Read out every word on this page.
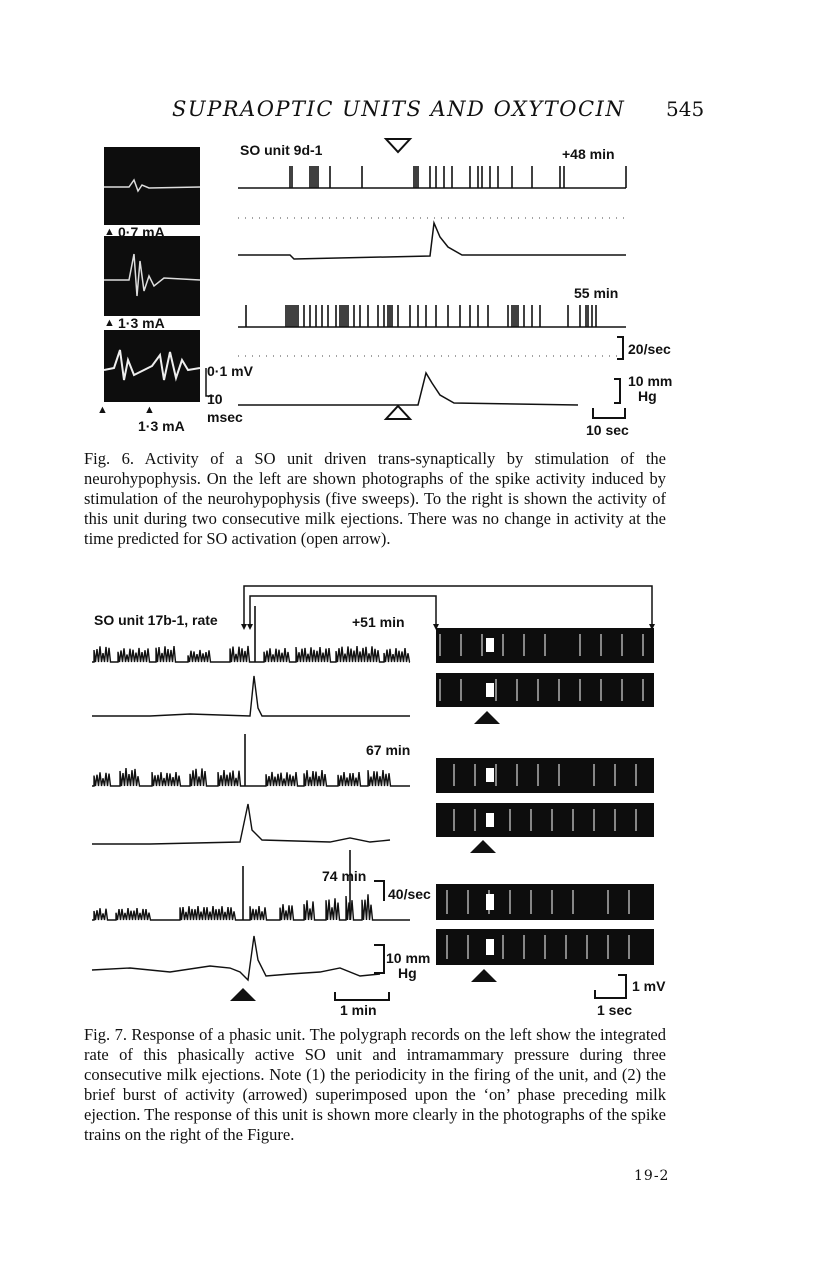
SUPRAOPTIC UNITS AND OXYTOCIN 545
▲ 0·7 mA
▲ 1·3 mA
▲	▲
1·3 mA
0·1 mV
10
msec
SO unit 9d-1	+48 min
55 min
20/sec
10 mm
Hg
10 sec
Fig. 6. Activity of a SO unit driven trans-synaptically by stimulation of the neurohypophysis. On the left are shown photographs of the spike activity induced by stimulation of the neurohypophysis (five sweeps). To the right is shown the activity of this unit during two consecutive milk ejections. There was no change in activity at the time predicted for SO activation (open arrow).
SO unit 17b-1, rate	+51 min
67 min
74 min
40/sec
10 mm
Hg
1 min
1 mV
1 sec
Fig. 7. Response of a phasic unit. The polygraph records on the left show the integrated rate of this phasically active SO unit and intramammary pressure during three consecutive milk ejections. Note (1) the periodicity in the firing of the unit, and (2) the brief burst of activity (arrowed) superimposed upon the ‘on’ phase preceding milk ejection. The response of this unit is shown more clearly in the photographs of the spike trains on the right of the Figure.
19-2
